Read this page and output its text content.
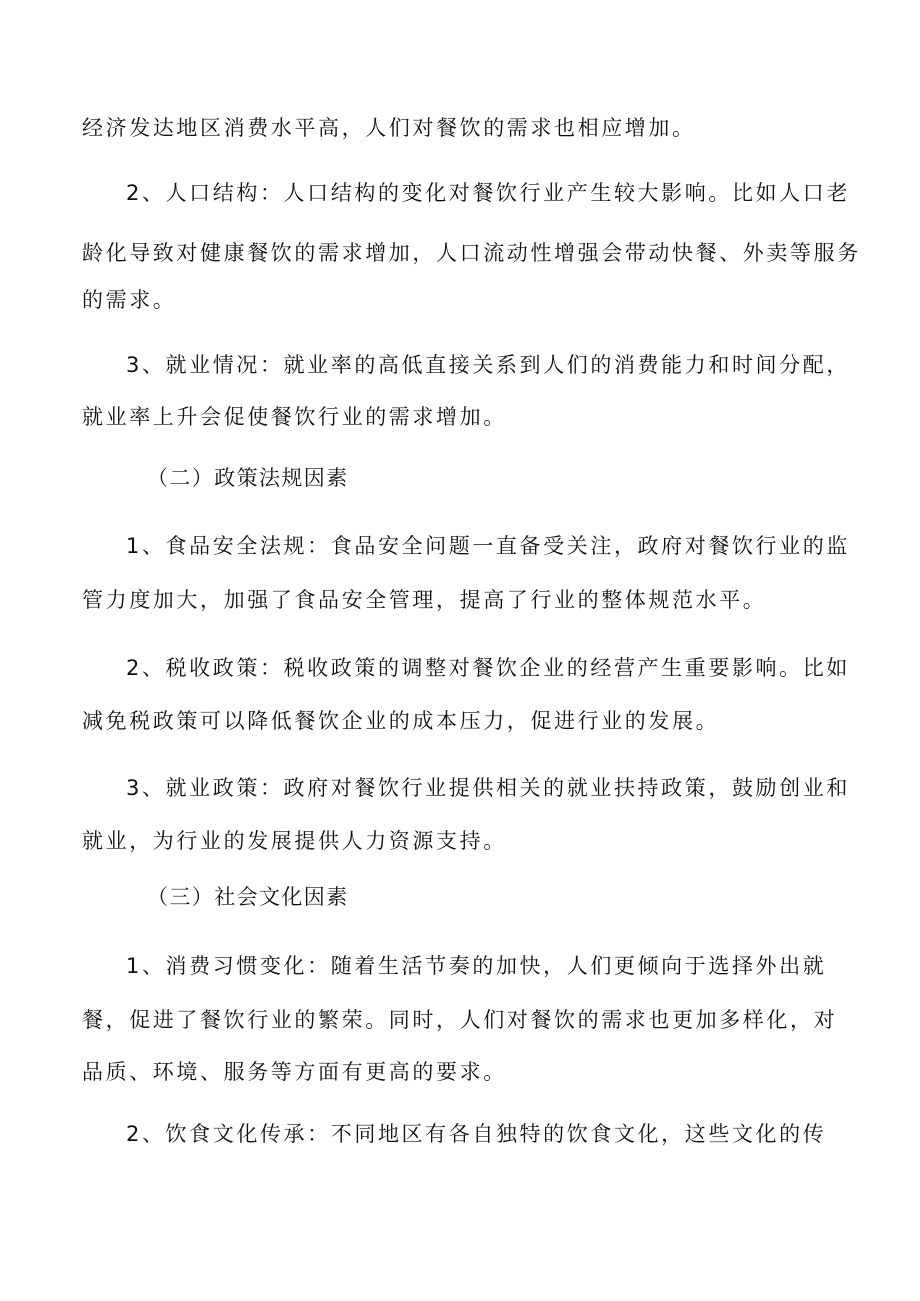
经济发达地区消费水平高，人们对餐饮的需求也相应增加。
2、人口结构：人口结构的变化对餐饮行业产生较大影响。比如人口老
龄化导致对健康餐饮的需求增加，人口流动性增强会带动快餐、外卖等服务
的需求。
3、就业情况：就业率的高低直接关系到人们的消费能力和时间分配，
就业率上升会促使餐饮行业的需求增加。
（二）政策法规因素
1、食品安全法规：食品安全问题一直备受关注，政府对餐饮行业的监
管力度加大，加强了食品安全管理，提高了行业的整体规范水平。
2、税收政策：税收政策的调整对餐饮企业的经营产生重要影响。比如
减免税政策可以降低餐饮企业的成本压力，促进行业的发展。
3、就业政策：政府对餐饮行业提供相关的就业扶持政策，鼓励创业和
就业，为行业的发展提供人力资源支持。
（三）社会文化因素
1、消费习惯变化：随着生活节奏的加快，人们更倾向于选择外出就
餐，促进了餐饮行业的繁荣。同时，人们对餐饮的需求也更加多样化，对
品质、环境、服务等方面有更高的要求。
2、饮食文化传承：不同地区有各自独特的饮食文化，这些文化的传
